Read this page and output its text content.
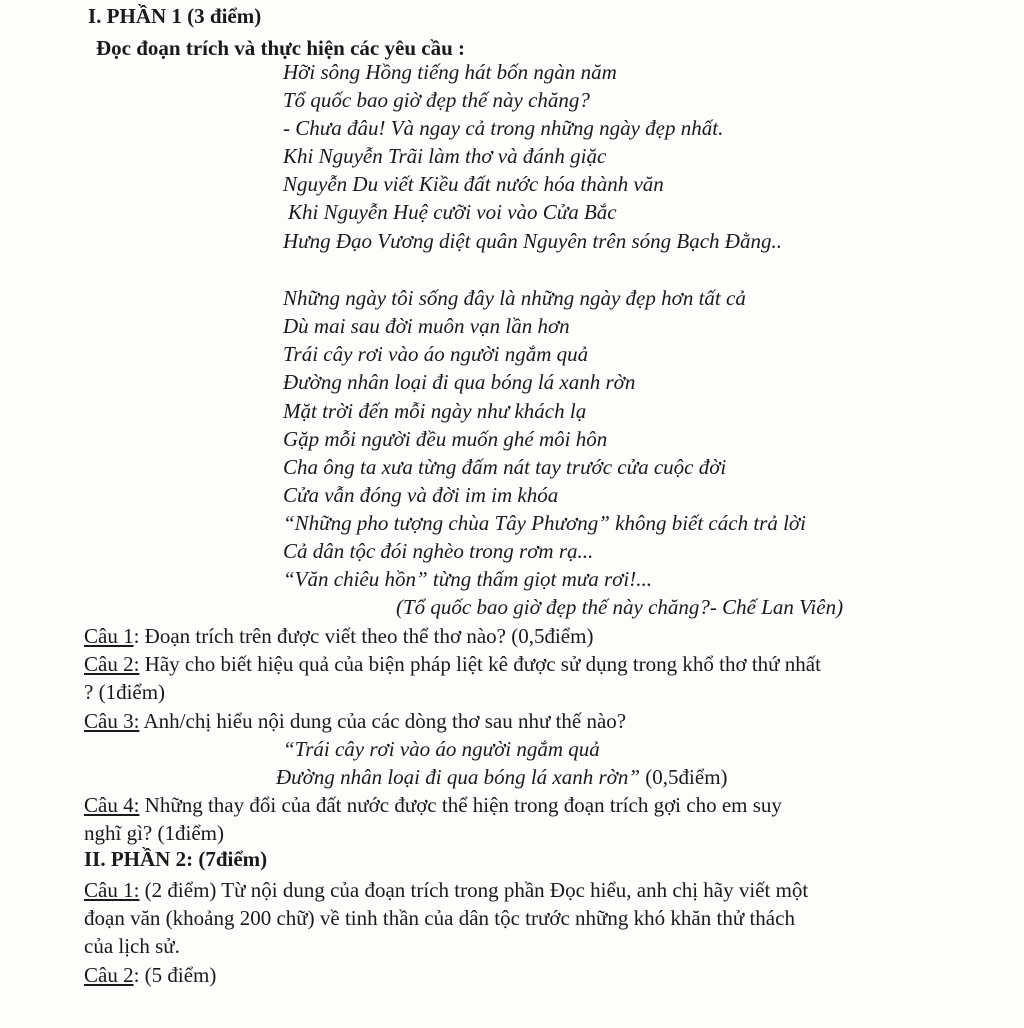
I. PHẦN 1 (3 điểm)
Đọc đoạn trích và thực hiện các yêu cầu :
Hỡi sông Hồng tiếng hát bốn ngàn năm
Tổ quốc bao giờ đẹp thế này chăng?
- Chưa đâu! Và ngay cả trong những ngày đẹp nhất.
Khi Nguyễn Trãi làm thơ và đánh giặc
Nguyễn Du viết Kiều đất nước hóa thành văn
Khi Nguyễn Huệ cưỡi voi vào Cửa Bắc
Hưng Đạo Vương diệt quân Nguyên trên sóng Bạch Đằng..
Những ngày tôi sống đây là những ngày đẹp hơn tất cả
Dù mai sau đời muôn vạn lần hơn
Trái cây rơi vào áo người ngắm quả
Đường nhân loại đi qua bóng lá xanh rờn
Mặt trời đến mỗi ngày như khách lạ
Gặp mỗi người đều muốn ghé môi hôn
Cha ông ta xưa từng đấm nát tay trước cửa cuộc đời
Cửa vẫn đóng và đời im im khóa
“Những pho tượng chùa Tây Phương” không biết cách trả lời
Cả dân tộc đói nghèo trong rơm rạ...
“Văn chiêu hồn” từng thấm giọt mưa rơi!...
(Tổ quốc bao giờ đẹp thế này chăng?- Chế Lan Viên)
Câu 1: Đoạn trích trên được viết theo thể thơ nào? (0,5điểm)
Câu 2: Hãy cho biết hiệu quả của biện pháp liệt kê được sử dụng trong khổ thơ thứ nhất
? (1điểm)
Câu 3: Anh/chị hiểu nội dung của các dòng thơ sau như thế nào?
“Trái cây rơi vào áo người ngắm quả
Đường nhân loại đi qua bóng lá xanh rờn” (0,5điểm)
Câu 4: Những thay đổi của đất nước được thể hiện trong đoạn trích gợi cho em suy
nghĩ gì? (1điểm)
II. PHẦN 2: (7điểm)
Câu 1: (2 điểm) Từ nội dung của đoạn trích trong phần Đọc hiểu, anh chị hãy viết một
đoạn văn (khoảng 200 chữ) về tinh thần của dân tộc trước những khó khăn thử thách
của lịch sử.
Câu 2: (5 điểm)
